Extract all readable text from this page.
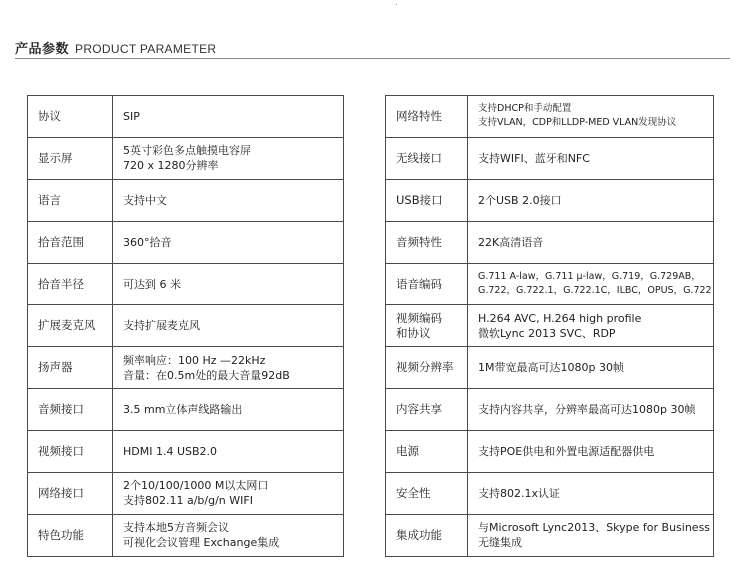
产品参数 PRODUCT PARAMETER
协议	SIP

显示屏	5英寸彩色多点触摸电容屏
720 x 1280分辨率

语言	支持中文

拾音范围	360°拾音

拾音半径	可达到 6 米

扩展麦克风	支持扩展麦克风

扬声器	频率响应：100 Hz —22kHz
音量：在0.5m处的最大音量92dB

音频接口	3.5 mm立体声线路输出

视频接口	HDMI 1.4 USB2.0

网络接口	2个10/100/1000 M以太网口
支持802.11 a/b/g/n WIFI

特色功能	支持本地5方音频会议
可视化会议管理 Exchange集成
网络特性	支持DHCP和手动配置
支持VLAN，CDP和LLDP-MED VLAN发现协议

无线接口	支持WIFI、蓝牙和NFC

USB接口	2个USB 2.0接口

音频特性	22K高清语音

语音编码	G.711 A-law，G.711 μ-law，G.719，G.729AB，
G.722，G.722.1，G.722.1C，ILBC，OPUS，G.722

视频编码
和协议	H.264 AVC, H.264 high profile
微软Lync 2013 SVC、RDP

视频分辨率	1M带宽最高可达1080p 30帧

内容共享	支持内容共享，分辨率最高可达1080p 30帧

电源	支持POE供电和外置电源适配器供电

安全性	支持802.1x认证

集成功能	与Microsoft Lync2013、Skype for Business
无缝集成
